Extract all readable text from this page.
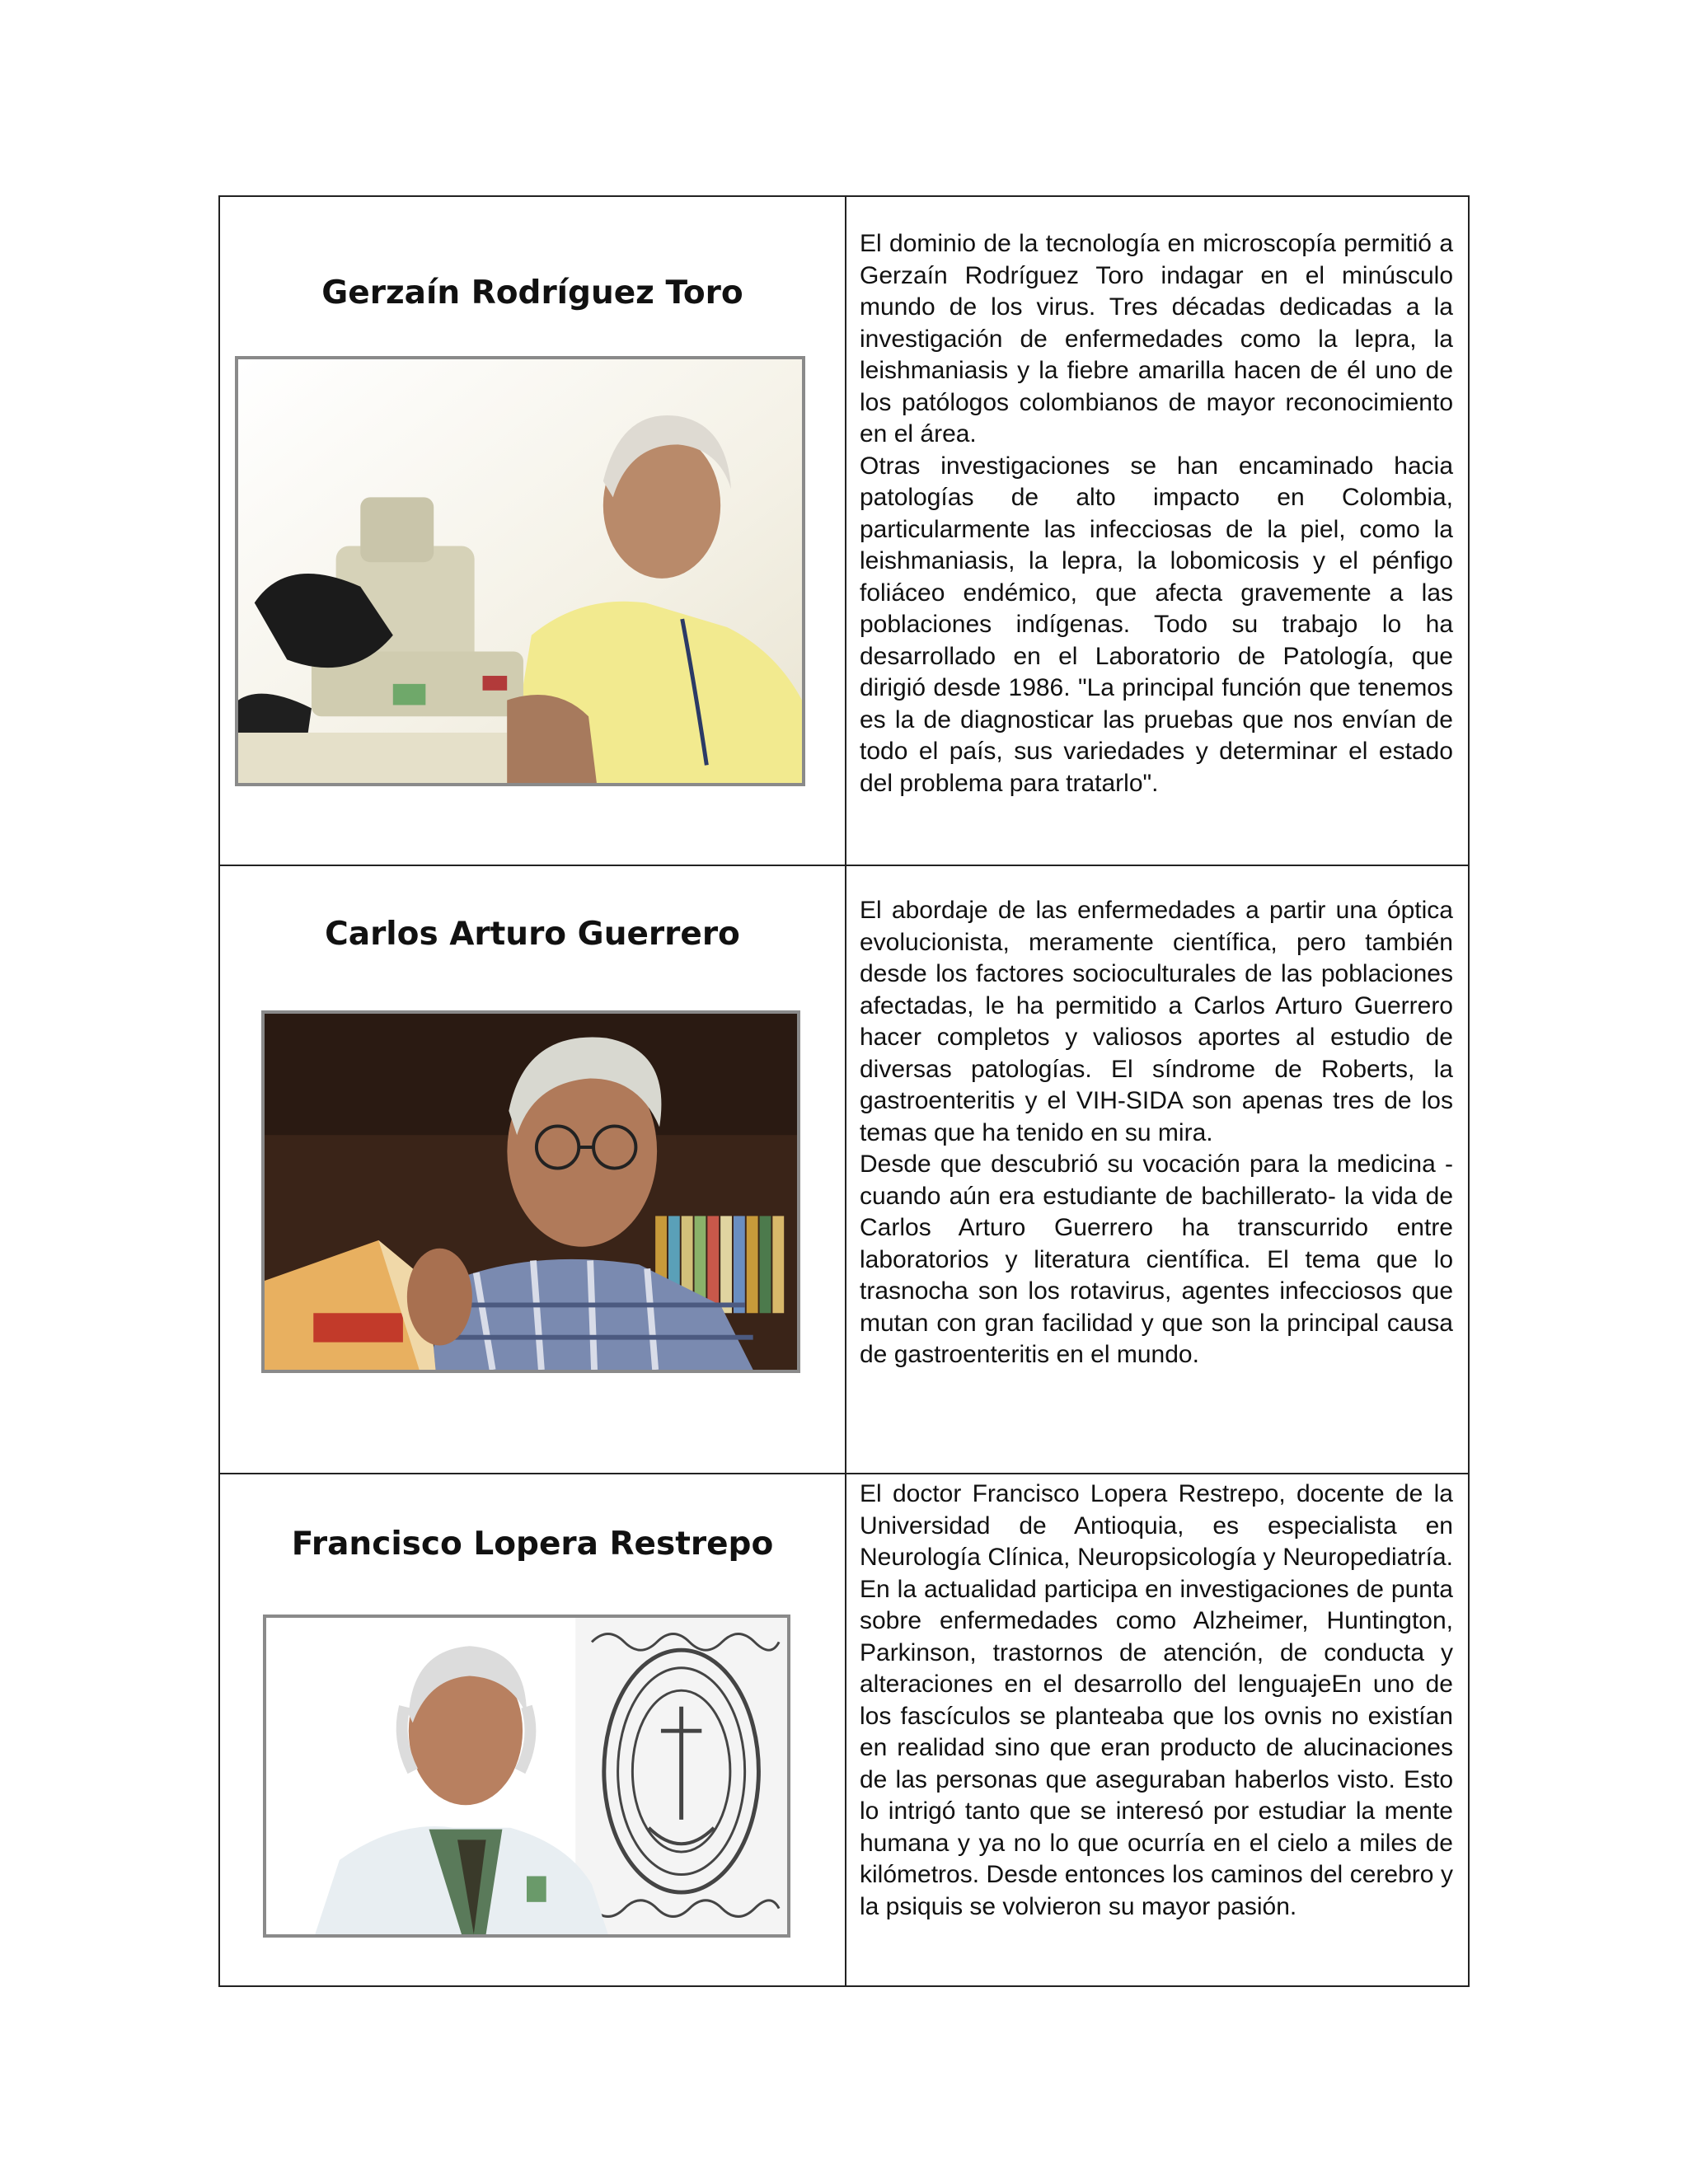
Gerzaín Rodríguez Toro

El dominio de la tecnología en microscopía permitió a Gerzaín Rodríguez Toro indagar en el minúsculo mundo de los virus. Tres décadas dedicadas a la investigación de enfermedades como la lepra, la leishmaniasis y la fiebre amarilla hacen de él uno de los patólogos colombianos de mayor reconocimiento en el área.

Otras investigaciones se han encaminado hacia patologías de alto impacto en Colombia, particularmente las infecciosas de la piel, como la leishmaniasis, la lepra, la lobomicosis y el pénfigo foliáceo endémico, que afecta gravemente a las poblaciones indígenas. Todo su trabajo lo ha desarrollado en el Laboratorio de Patología, que dirigió desde 1986. "La principal función que tenemos es la de diagnosticar las pruebas que nos envían de todo el país, sus variedades y determinar el estado del problema para tratarlo".

Carlos Arturo Guerrero

El abordaje de las enfermedades a partir una óptica evolucionista, meramente científica, pero también desde los factores socioculturales de las poblaciones afectadas, le ha permitido a Carlos Arturo Guerrero hacer completos y valiosos aportes al estudio de diversas patologías. El síndrome de Roberts, la gastroenteritis y el VIH-SIDA son apenas tres de los temas que ha tenido en su mira.

Desde que descubrió su vocación para la medicina -cuando aún era estudiante de bachillerato- la vida de Carlos Arturo Guerrero ha transcurrido entre laboratorios y literatura científica. El tema que lo trasnocha son los rotavirus, agentes infecciosos que mutan con gran facilidad y que son la principal causa de gastroenteritis en el mundo.

Francisco Lopera Restrepo

El doctor Francisco Lopera Restrepo, docente de la Universidad de Antioquia, es especialista en Neurología Clínica, Neuropsicología y Neuropediatría. En la actualidad participa en investigaciones de punta sobre enfermedades como Alzheimer, Huntington, Parkinson, trastornos de atención, de conducta y alteraciones en el desarrollo del lenguajeEn uno de los fascículos se planteaba que los ovnis no existían en realidad sino que eran producto de alucinaciones de las personas que aseguraban haberlos visto. Esto lo intrigó tanto que se interesó por estudiar la mente humana y ya no lo que ocurría en el cielo a miles de kilómetros. Desde entonces los caminos del cerebro y la psiquis se volvieron su mayor pasión.
